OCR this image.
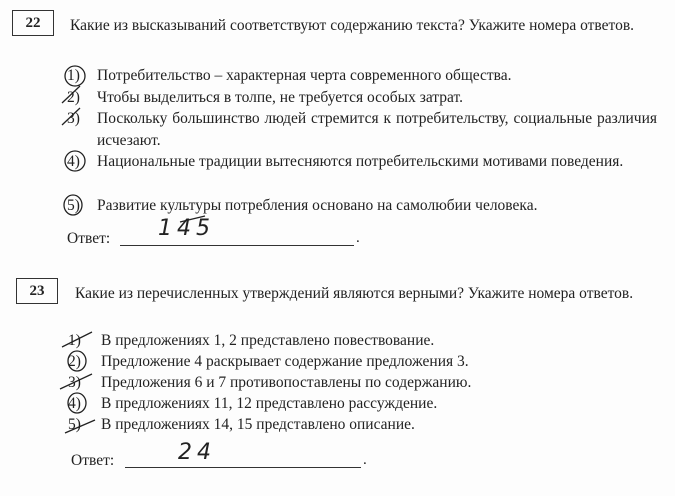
22	Какие из высказываний соответствуют содержанию текста? Укажите номера ответов.
1) Потребительство – характерная черта современного общества.
2) Чтобы выделиться в толпе, не требуется особых затрат.
3) Поскольку большинство людей стремится к потребительству, социальные различия исчезают.
4) Национальные традиции вытесняются потребительскими мотивами поведения.
5) Развитие культуры потребления основано на самолюбии человека.
Ответ:	.
145
23	Какие из перечисленных утверждений являются верными? Укажите номера ответов.
1) В предложениях 1, 2 представлено повествование.
2) Предложение 4 раскрывает содержание предложения 3.
3) Предложения 6 и 7 противопоставлены по содержанию.
4) В предложениях 11, 12 представлено рассуждение.
5) В предложениях 14, 15 представлено описание.
Ответ:	.
24
